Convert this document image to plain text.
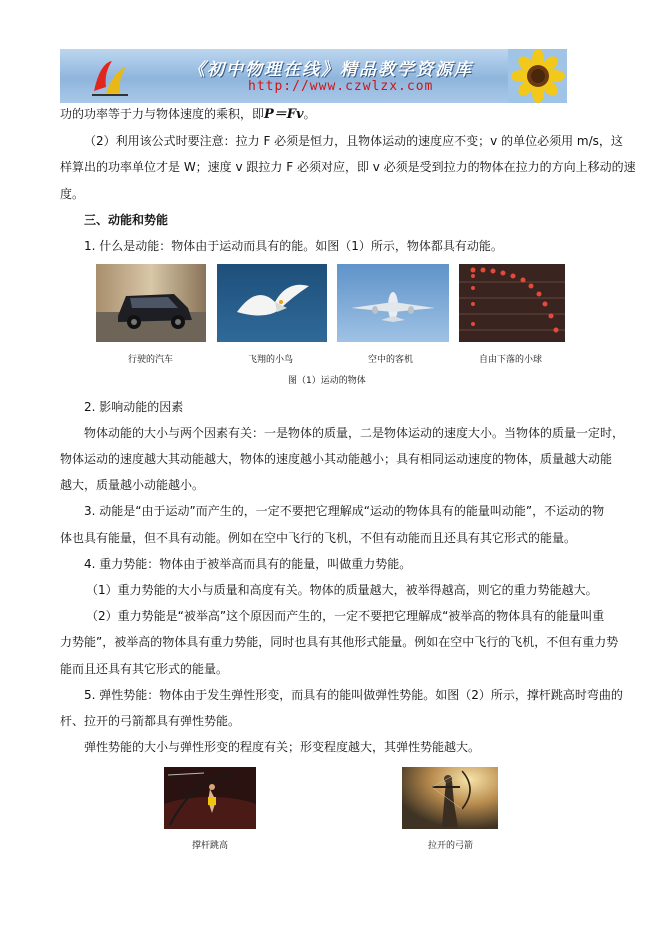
《初中物理在线》精品教学资源库
http://www.czwlzx.com
功的功率等于力与物体速度的乘积，即P＝Fv。
（2）利用该公式时要注意：拉力 F 必须是恒力，且物体运动的速度应不变；v 的单位必须用 m/s，这
样算出的功率单位才是 W；速度 v 跟拉力 F 必须对应，即 v 必须是受到拉力的物体在拉力的方向上移动的速
度。
三、动能和势能
1. 什么是动能：物体由于运动而具有的能。如图（1）所示，物体都具有动能。
行驶的汽车	飞翔的小鸟	空中的客机	自由下落的小球
图（1）运动的物体
2. 影响动能的因素
物体动能的大小与两个因素有关：一是物体的质量，二是物体运动的速度大小。当物体的质量一定时，
物体运动的速度越大其动能越大，物体的速度越小其动能越小；具有相同运动速度的物体，质量越大动能
越大，质量越小动能越小。
3. 动能是“由于运动”而产生的，一定不要把它理解成“运动的物体具有的能量叫动能”，不运动的物
体也具有能量，但不具有动能。例如在空中飞行的飞机，不但有动能而且还具有其它形式的能量。
4. 重力势能：物体由于被举高而具有的能量，叫做重力势能。
（1）重力势能的大小与质量和高度有关。物体的质量越大，被举得越高，则它的重力势能越大。
（2）重力势能是“被举高”这个原因而产生的，一定不要把它理解成“被举高的物体具有的能量叫重
力势能”，被举高的物体具有重力势能，同时也具有其他形式能量。例如在空中飞行的飞机，不但有重力势
能而且还具有其它形式的能量。
5. 弹性势能：物体由于发生弹性形变，而具有的能叫做弹性势能。如图（2）所示，撑杆跳高时弯曲的
杆、拉开的弓箭都具有弹性势能。
弹性势能的大小与弹性形变的程度有关；形变程度越大，其弹性势能越大。
撑杆跳高	拉开的弓箭
